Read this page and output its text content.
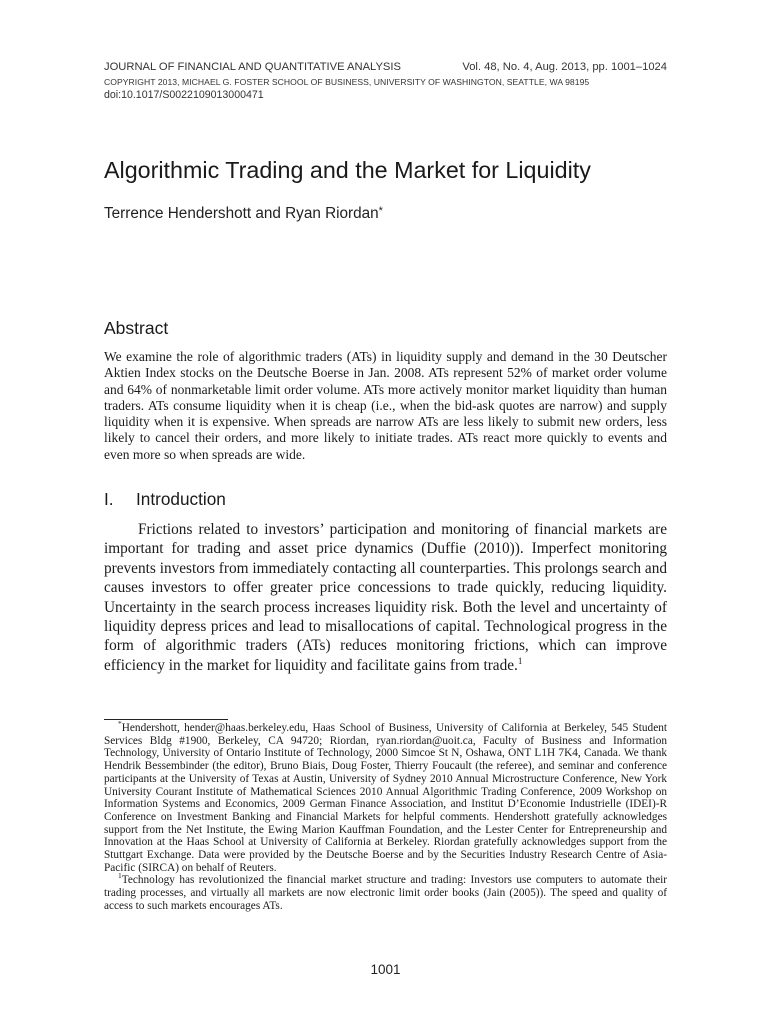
JOURNAL OF FINANCIAL AND QUANTITATIVE ANALYSIS	Vol. 48, No. 4, Aug. 2013, pp. 1001–1024
COPYRIGHT 2013, MICHAEL G. FOSTER SCHOOL OF BUSINESS, UNIVERSITY OF WASHINGTON, SEATTLE, WA 98195
doi:10.1017/S0022109013000471
Algorithmic Trading and the Market for Liquidity
Terrence Hendershott and Ryan Riordan*
Abstract
We examine the role of algorithmic traders (ATs) in liquidity supply and demand in the 30 Deutscher Aktien Index stocks on the Deutsche Boerse in Jan. 2008. ATs represent 52% of market order volume and 64% of nonmarketable limit order volume. ATs more actively monitor market liquidity than human traders. ATs consume liquidity when it is cheap (i.e., when the bid-ask quotes are narrow) and supply liquidity when it is expensive. When spreads are narrow ATs are less likely to submit new orders, less likely to cancel their orders, and more likely to initiate trades. ATs react more quickly to events and even more so when spreads are wide.
I. Introduction
Frictions related to investors’ participation and monitoring of financial markets are important for trading and asset price dynamics (Duffie (2010)). Imperfect monitoring prevents investors from immediately contacting all counterparties. This prolongs search and causes investors to offer greater price concessions to trade quickly, reducing liquidity. Uncertainty in the search process increases liquidity risk. Both the level and uncertainty of liquidity depress prices and lead to misallocations of capital. Technological progress in the form of algorithmic traders (ATs) reduces monitoring frictions, which can improve efficiency in the market for liquidity and facilitate gains from trade.$^1$

*Hendershott, hender@haas.berkeley.edu, Haas School of Business, University of California at Berkeley, 545 Student Services Bldg #1900, Berkeley, CA 94720; Riordan, ryan.riordan@uoit.ca, Faculty of Business and Information Technology, University of Ontario Institute of Technology, 2000 Simcoe St N, Oshawa, ONT L1H 7K4, Canada. We thank Hendrik Bessembinder (the editor), Bruno Biais, Doug Foster, Thierry Foucault (the referee), and seminar and conference participants at the University of Texas at Austin, University of Sydney 2010 Annual Microstructure Conference, New York University Courant Institute of Mathematical Sciences 2010 Annual Algorithmic Trading Conference, 2009 Workshop on Information Systems and Economics, 2009 German Finance Association, and Institut D’Economie Industrielle (IDEI)-R Conference on Investment Banking and Financial Markets for helpful comments. Hendershott gratefully acknowledges support from the Net Institute, the Ewing Marion Kauffman Foundation, and the Lester Center for Entrepreneurship and Innovation at the Haas School at University of California at Berkeley. Riordan gratefully acknowledges support from the Stuttgart Exchange. Data were provided by the Deutsche Boerse and by the Securities Industry Research Centre of Asia-Pacific (SIRCA) on behalf of Reuters.

$^1$Technology has revolutionized the financial market structure and trading: Investors use computers to automate their trading processes, and virtually all markets are now electronic limit order books (Jain (2005)). The speed and quality of access to such markets encourages ATs.

1001
